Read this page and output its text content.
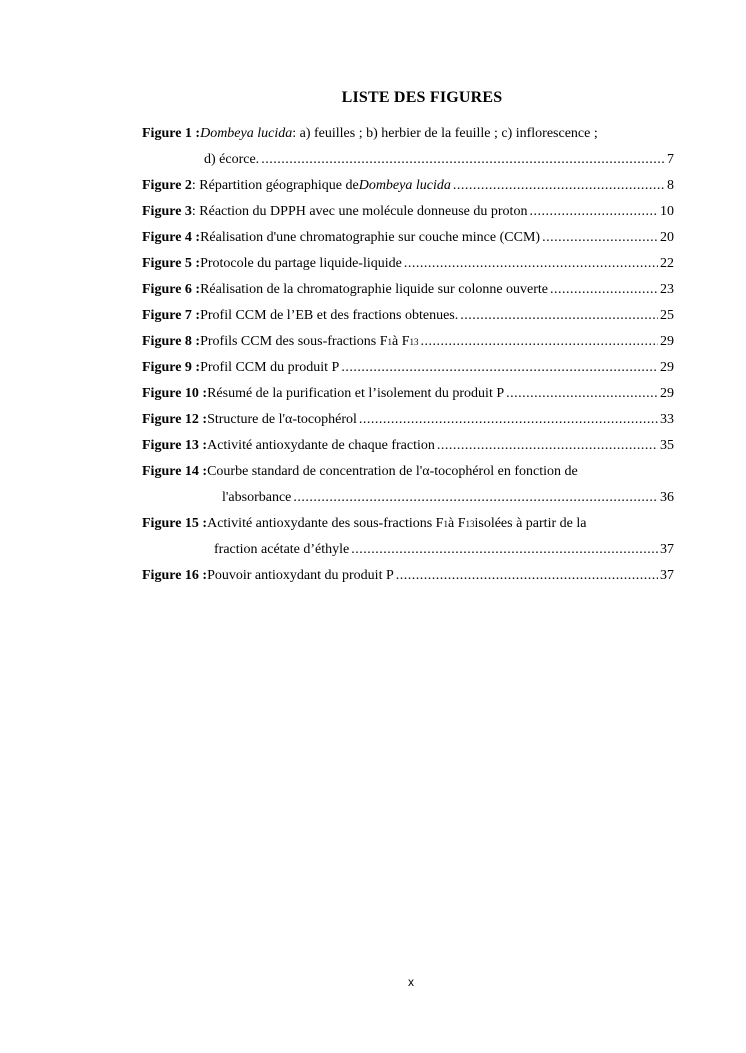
LISTE DES FIGURES
Figure 1 : Dombeya lucida : a) feuilles ; b) herbier de la feuille ; c) inflorescence ;
d) écorce. .....	7
Figure 2 : Répartition géographique de Dombeya lucida .....	8
Figure 3 : Réaction du DPPH avec une molécule donneuse du proton .....	10
Figure 4 : Réalisation d'une chromatographie sur couche mince (CCM) .....	20
Figure 5 : Protocole du partage liquide-liquide .....	22
Figure 6 : Réalisation de la chromatographie liquide sur colonne ouverte .....	23
Figure 7 : Profil CCM de l’EB et des fractions obtenues. .....	25
Figure 8 : Profils CCM des sous-fractions F 1 à F 13 .....	29
Figure 9 : Profil CCM du produit P .....	29
Figure 10 : Résumé de la purification et l’isolement du produit P .....	29
Figure 12 : Structure de l'α-tocophérol .....	33
Figure 13 : Activité antioxydante de chaque fraction .....	35
Figure 14 : Courbe standard de concentration de l'α-tocophérol en fonction de
l'absorbance .....	36
Figure 15 : Activité antioxydante des sous-fractions F 1 à F 13 isolées à partir de la
fraction acétate d’éthyle .....	37
Figure 16 : Pouvoir antioxydant du produit P .....	37
x
